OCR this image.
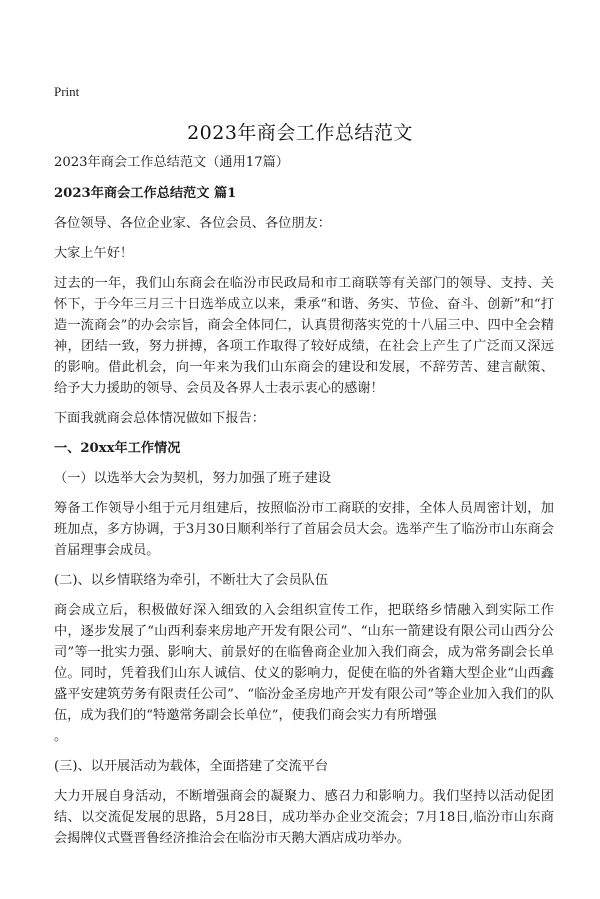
Print
2023年商会工作总结范文

2023年商会工作总结范文（通用17篇）

2023年商会工作总结范文 篇1

各位领导、各位企业家、各位会员、各位朋友：

大家上午好！

过去的一年，我们山东商会在临汾市民政局和市工商联等有关部门的领导、支持、关怀下，于今年三月三十日选举成立以来，秉承“和谐、务实、节俭、奋斗、创新”和“打造一流商会”的办会宗旨，商会全体同仁，认真贯彻落实党的十八届三中、四中全会精神，团结一致，努力拼搏，各项工作取得了较好成绩，在社会上产生了广泛而又深远的影响。借此机会，向一年来为我们山东商会的建设和发展，不辞劳苦、建言献策、给予大力援助的领导、会员及各界人士表示衷心的感谢！

下面我就商会总体情况做如下报告：

一、20xx年工作情况

（一）以选举大会为契机，努力加强了班子建设

筹备工作领导小组于元月组建后，按照临汾市工商联的安排，全体人员周密计划，加班加点，多方协调，于3月30日顺利举行了首届会员大会。选举产生了临汾市山东商会首届理事会成员。

(二)、以乡情联络为牵引，不断壮大了会员队伍

商会成立后，积极做好深入细致的入会组织宣传工作，把联络乡情融入到实际工作中，逐步发展了“山西利泰来房地产开发有限公司”、“山东一箭建设有限公司山西分公司”等一批实力强、影响大、前景好的在临鲁商企业加入我们商会，成为常务副会长单位。同时，凭着我们山东人诚信、仗义的影响力，促使在临的外省籍大型企业“山西鑫盛平安建筑劳务有限责任公司”、“临汾金圣房地产开发有限公司”等企业加入我们的队伍，成为我们的“特邀常务副会长单位”，使我们商会实力有所增强

。

(三)、以开展活动为载体，全面搭建了交流平台

大力开展自身活动，不断增强商会的凝聚力、感召力和影响力。我们坚持以活动促团结、以交流促发展的思路，5月28日，成功举办企业交流会；7月18日,临汾市山东商会揭牌仪式暨晋鲁经济推洽会在临汾市天鹅大酒店成功举办。
